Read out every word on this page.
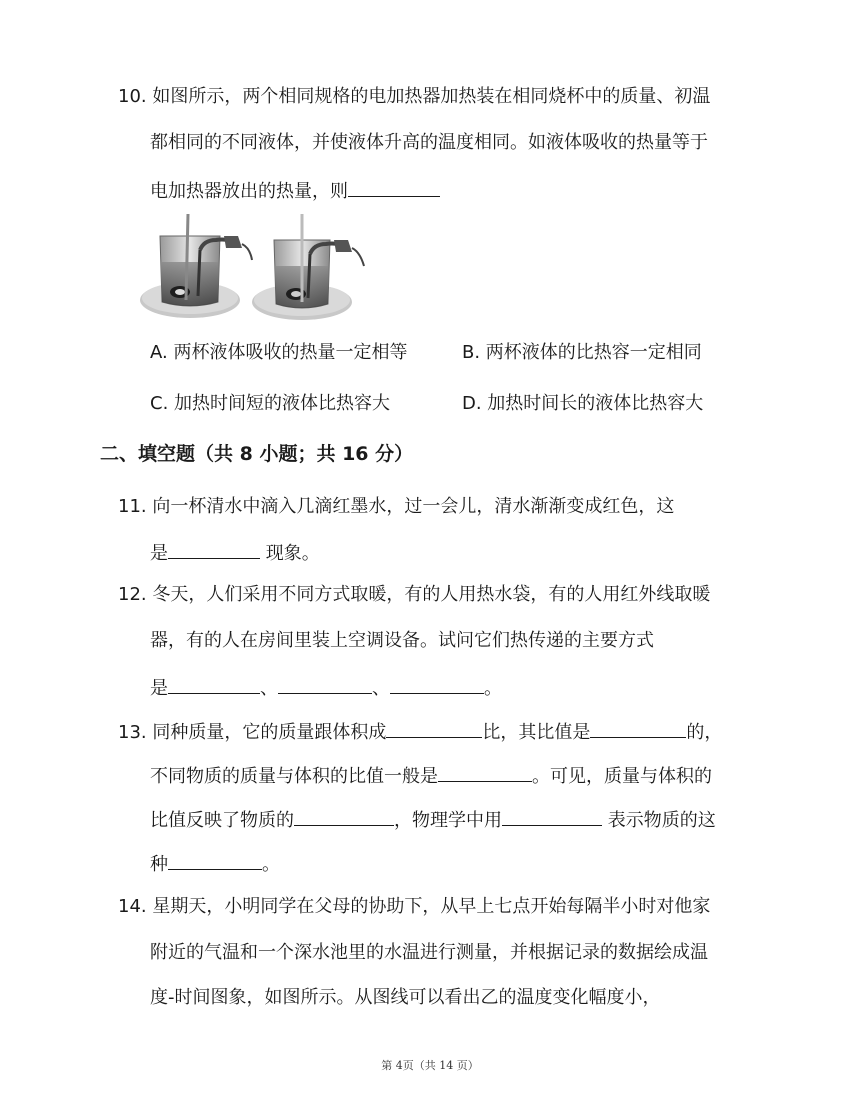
10. 如图所示，两个相同规格的电加热器加热装在相同烧杯中的质量、初温
都相同的不同液体，并使液体升高的温度相同。如液体吸收的热量等于
电加热器放出的热量，则
A. 两杯液体吸收的热量一定相等	B. 两杯液体的比热容一定相同
C. 加热时间短的液体比热容大	D. 加热时间长的液体比热容大
二、填空题（共 8 小题；共 16 分）
11. 向一杯清水中滴入几滴红墨水，过一会儿，清水渐渐变成红色，这
是	现象。
12. 冬天，人们采用不同方式取暖，有的人用热水袋，有的人用红外线取暖
器，有的人在房间里装上空调设备。试问它们热传递的主要方式
是	、	、	。
13. 同种质量，它的质量跟体积成	比，其比值是	的，
不同物质的质量与体积的比值一般是	。可见，质量与体积的
比值反映了物质的	，物理学中用	表示物质的这
种	。
14. 星期天，小明同学在父母的协助下，从早上七点开始每隔半小时对他家
附近的气温和一个深水池里的水温进行测量，并根据记录的数据绘成温
度-时间图象，如图所示。从图线可以看出乙的温度变化幅度小，
第 4页（共 14 页）
